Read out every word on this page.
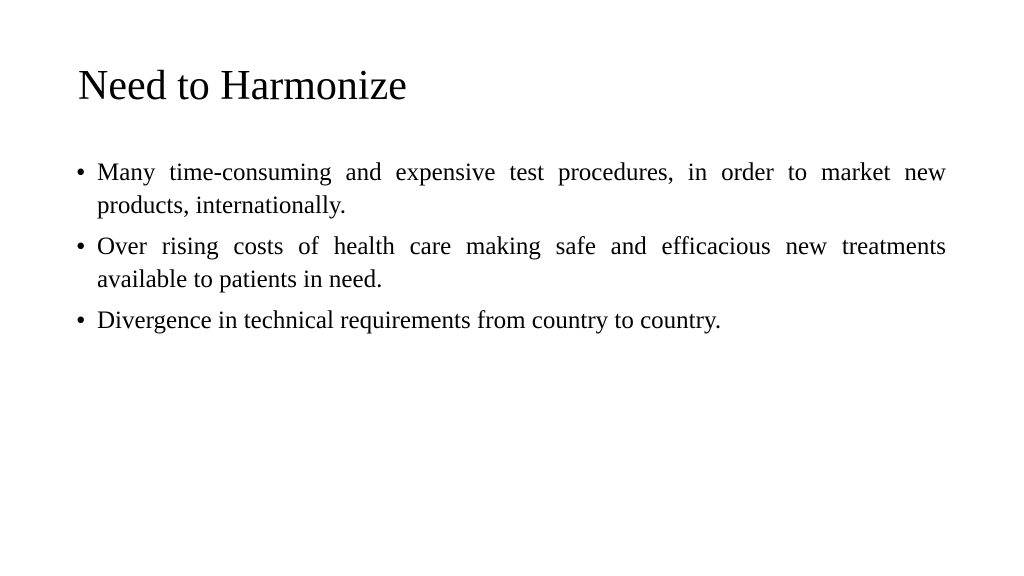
Need to Harmonize
• Many time-consuming and expensive test procedures, in order to market new products, internationally.
• Over rising costs of health care making safe and efficacious new treatments available to patients in need.
• Divergence in technical requirements from country to country.
